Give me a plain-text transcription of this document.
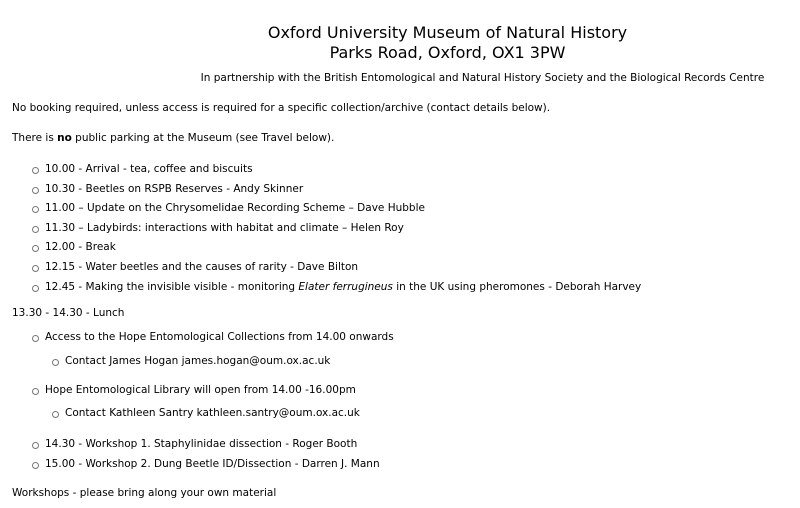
Oxford University Museum of Natural History
Parks Road, Oxford, OX1 3PW
In partnership with the British Entomological and Natural History Society and the Biological Records Centre
No booking required, unless access is required for a specific collection/archive (contact details below).
There is no public parking at the Museum (see Travel below).
10.00 - Arrival - tea, coffee and biscuits
10.30 - Beetles on RSPB Reserves - Andy Skinner
11.00 – Update on the Chrysomelidae Recording Scheme – Dave Hubble
11.30 – Ladybirds: interactions with habitat and climate – Helen Roy
12.00 - Break
12.15 - Water beetles and the causes of rarity - Dave Bilton
12.45 - Making the invisible visible - monitoring Elater ferrugineus in the UK using pheromones - Deborah Harvey
13.30 - 14.30 - Lunch
Access to the Hope Entomological Collections from 14.00 onwards
Contact James Hogan james.hogan@oum.ox.ac.uk
Hope Entomological Library will open from 14.00 -16.00pm
Contact Kathleen Santry kathleen.santry@oum.ox.ac.uk
14.30 - Workshop 1. Staphylinidae dissection - Roger Booth
15.00 - Workshop 2. Dung Beetle ID/Dissection - Darren J. Mann
Workshops - please bring along your own material
